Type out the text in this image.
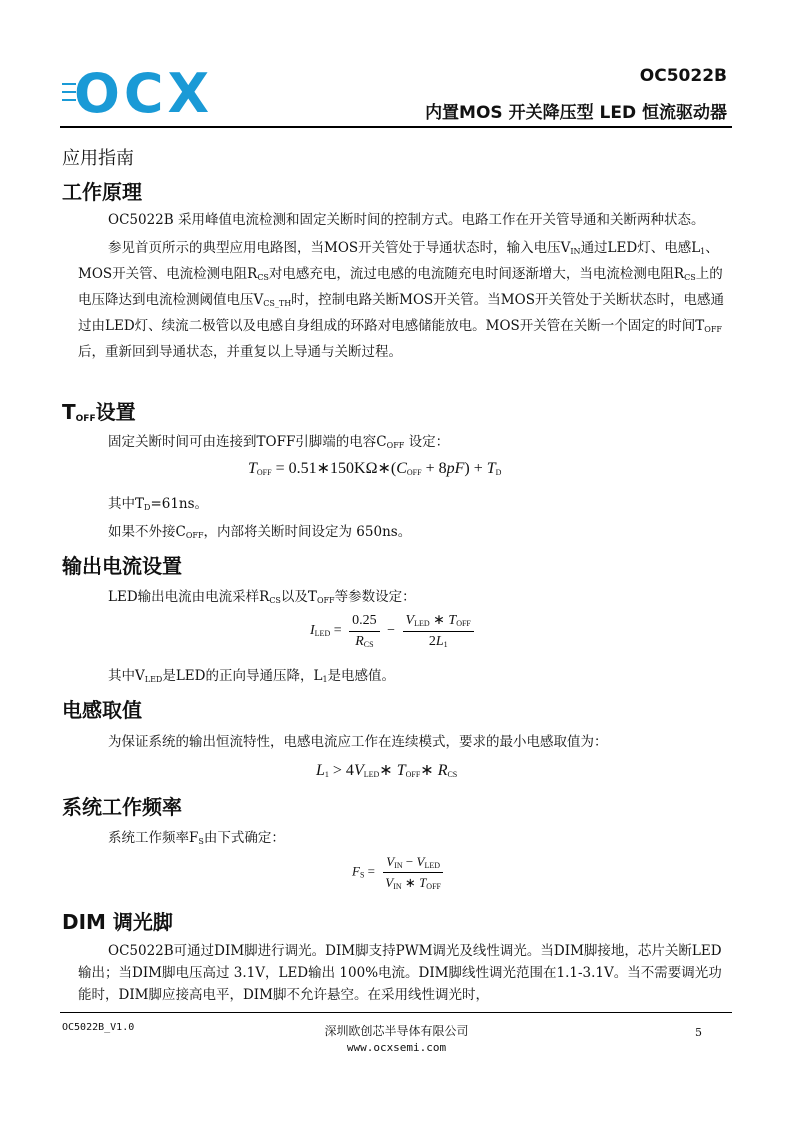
OCX	OC5022B
内置MOS 开关降压型 LED 恒流驱动器
应用指南
工作原理

OC5022B 采用峰值电流检测和固定关断时间的控制方式。电路工作在开关管导通和关断两种状态。

参见首页所示的典型应用电路图，当MOS开关管处于导通状态时，输入电压$V_{IN}$通过LED灯、电感$L_1$、MOS开关管、电流检测电阻$R_{CS}$对电感充电，流过电感的电流随充电时间逐渐增大，当电流检测电阻$R_{CS}$上的电压降达到电流检测阈值电压$V_{CS\_TH}$时，控制电路关断MOS开关管。当MOS开关管处于关断状态时，电感通过由LED灯、续流二极管以及电感自身组成的环路对电感储能放电。MOS开关管在关断一个固定的时间$T_{OFF}$后，重新回到导通状态，并重复以上导通与关断过程。

$T_{OFF}$设置
固定关断时间可由连接到TOFF引脚端的电容$C_{OFF}$ 设定：
$T_{OFF}$ = $0.51∗150K\Omega∗(C_{OFF} + 8pF) + T_D$
其中$T_D=61ns$。
如果不外接$C_{OFF}$，内部将关断时间设定为 650ns。
输出电流设置
LED输出电流由电流采样$R_{CS}$以及$T_{OFF}$等参数设定：
$I_{LED} = \frac{0.25}{R_{CS}} - \frac{V_{LED} ∗ T_{OFF}}{2L_1}$
其中$V_{LED}$是LED的正向导通压降，$L_1$是电感值。
电感取值
为保证系统的输出恒流特性，电感电流应工作在连续模式，要求的最小电感取值为：
$L_1$ > $4V_{LED}∗$ $T_{OFF}∗$ $R_{CS}$
系统工作频率
系统工作频率$F_S$由下式确定：
$F_S = \frac{V_{IN} - V_{LED}}{V_{IN} ∗ T_{OFF}}$
DIM 调光脚

OC5022B可通过DIM脚进行调光。DIM脚支持PWM调光及线性调光。当DIM脚接地，芯片关断LED输出；当DIM脚电压高过 3.1V，LED输出 100%电流。DIM脚线性调光范围在1.1-3.1V。当不需要调光功能时，DIM脚应接高电平，DIM脚不允许悬空。在采用线性调光时，

OC5022B_V1.0	深圳欧创芯半导体有限公司
www.ocxsemi.com
5
